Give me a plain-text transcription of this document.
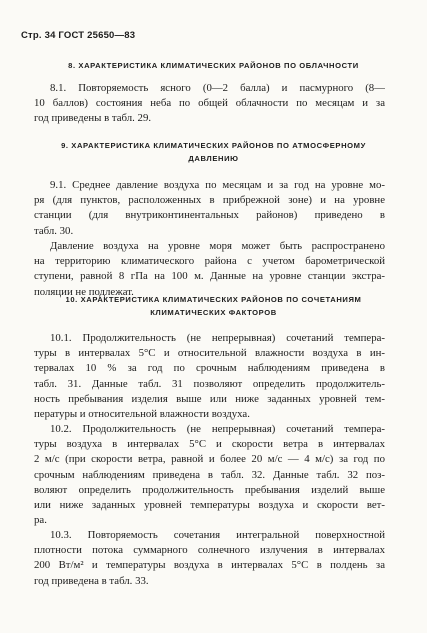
Стр. 34 ГОСТ 25650—83
8. ХАРАКТЕРИСТИКА КЛИМАТИЧЕСКИХ РАЙОНОВ ПО ОБЛАЧНОСТИ
8.1. Повторяемость ясного (0—2 балла) и пасмурного (8—
10 баллов) состояния неба по общей облачности по месяцам и за
год приведены в табл. 29.
9. ХАРАКТЕРИСТИКА КЛИМАТИЧЕСКИХ РАЙОНОВ ПО АТМОСФЕРНОМУ
ДАВЛЕНИЮ
9.1. Среднее давление воздуха по месяцам и за год на уровне мо-
ря (для пунктов, расположенных в прибрежной зоне) и на уровне
станции (для внутриконтинентальных районов) приведено в
табл. 30.
Давление воздуха на уровне моря может быть распространено
на территорию климатического района с учетом барометрической
ступени, равной 8 гПа на 100 м. Данные на уровне станции экстра-
поляции не подлежат.
10. ХАРАКТЕРИСТИКА КЛИМАТИЧЕСКИХ РАЙОНОВ ПО СОЧЕТАНИЯМ
КЛИМАТИЧЕСКИХ ФАКТОРОВ
10.1. Продолжительность (не непрерывная) сочетаний темпера-
туры в интервалах 5°С и относительной влажности воздуха в ин-
тервалах 10 % за год по срочным наблюдениям приведена в
табл. 31. Данные табл. 31 позволяют определить продолжитель-
ность пребывания изделия выше или ниже заданных уровней тем-
пературы и относительной влажности воздуха.
10.2. Продолжительность (не непрерывная) сочетаний темпера-
туры воздуха в интервалах 5°С и скорости ветра в интервалах
2 м/с (при скорости ветра, равной и более 20 м/с — 4 м/с) за год по
срочным наблюдениям приведена в табл. 32. Данные табл. 32 поз-
воляют определить продолжительность пребывания изделий выше
или ниже заданных уровней температуры воздуха и скорости вет-
ра.
10.3. Повторяемость сочетания интегральной поверхностной
плотности потока суммарного солнечного излучения в интервалах
200 Вт/м² и температуры воздуха в интервалах 5°С в полдень за
год приведена в табл. 33.
